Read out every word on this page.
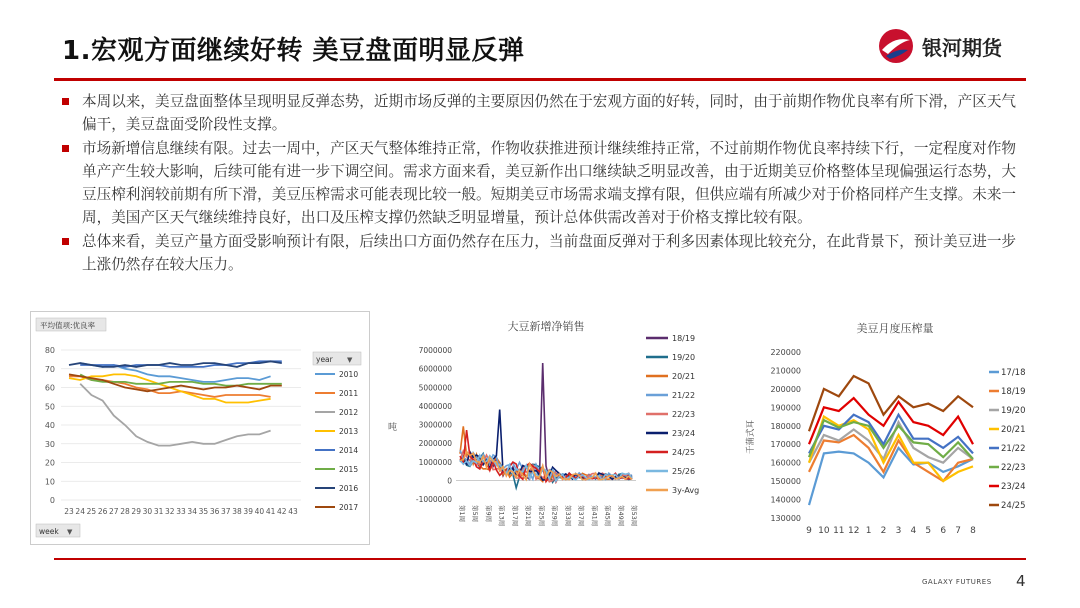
1.宏观方面继续好转 美豆盘面明显反弹	银河期货
本周以来，美豆盘面整体呈现明显反弹态势，近期市场反弹的主要原因仍然在于宏观方面的好转，同时，由于前期作物优良率有所下滑，产区天气偏干，美豆盘面受阶段性支撑。
市场新增信息继续有限。过去一周中，产区天气整体维持正常，作物收获推进预计继续维持正常，不过前期作物优良率持续下行，一定程度对作物单产产生较大影响，后续可能有进一步下调空间。需求方面来看，美豆新作出口继续缺乏明显改善，由于近期美豆价格整体呈现偏强运行态势，大豆压榨利润较前期有所下滑，美豆压榨需求可能表现比较一般。短期美豆市场需求端支撑有限，但供应端有所减少对于价格同样产生支撑。未来一周，美国产区天气继续维持良好，出口及压榨支撑仍然缺乏明显增量，预计总体供需改善对于价格支撑比较有限。
总体来看，美豆产量方面受影响预计有限，后续出口方面仍然存在压力，当前盘面反弹对于利多因素体现比较充分，在此背景下，预计美豆进一步上涨仍然存在较大压力。
平均值项:优良率
0
10
20
30
40
50
60
70
80
23 24 25 26 27 28 29 30 31 32 33 34 35 36 37 38 39 40 41 42 43
year ▼
2010
2011
2012
2013
2014
2015
2016
2017
week ▼
大豆新增净销售
吨
-1000000
0
1000000
2000000
3000000
4000000
5000000
6000000
7000000
第1周 第5周 第9周 第13周 第17周 第21周 第25周 第29周 第33周 第37周 第41周 第45周 第49周 第53周
18/19
19/20
20/21
21/22
22/23
23/24
24/25
25/26
3y-Avg
美豆月度压榨量
千蒲式耳
130000
140000
150000
160000
170000
180000
190000
200000
210000
220000
9 10 11 12 1 2 3 4 5 6 7 8
17/18
18/19
19/20
20/21
21/22
22/23
23/24
24/25
GALAXY FUTURES 4
